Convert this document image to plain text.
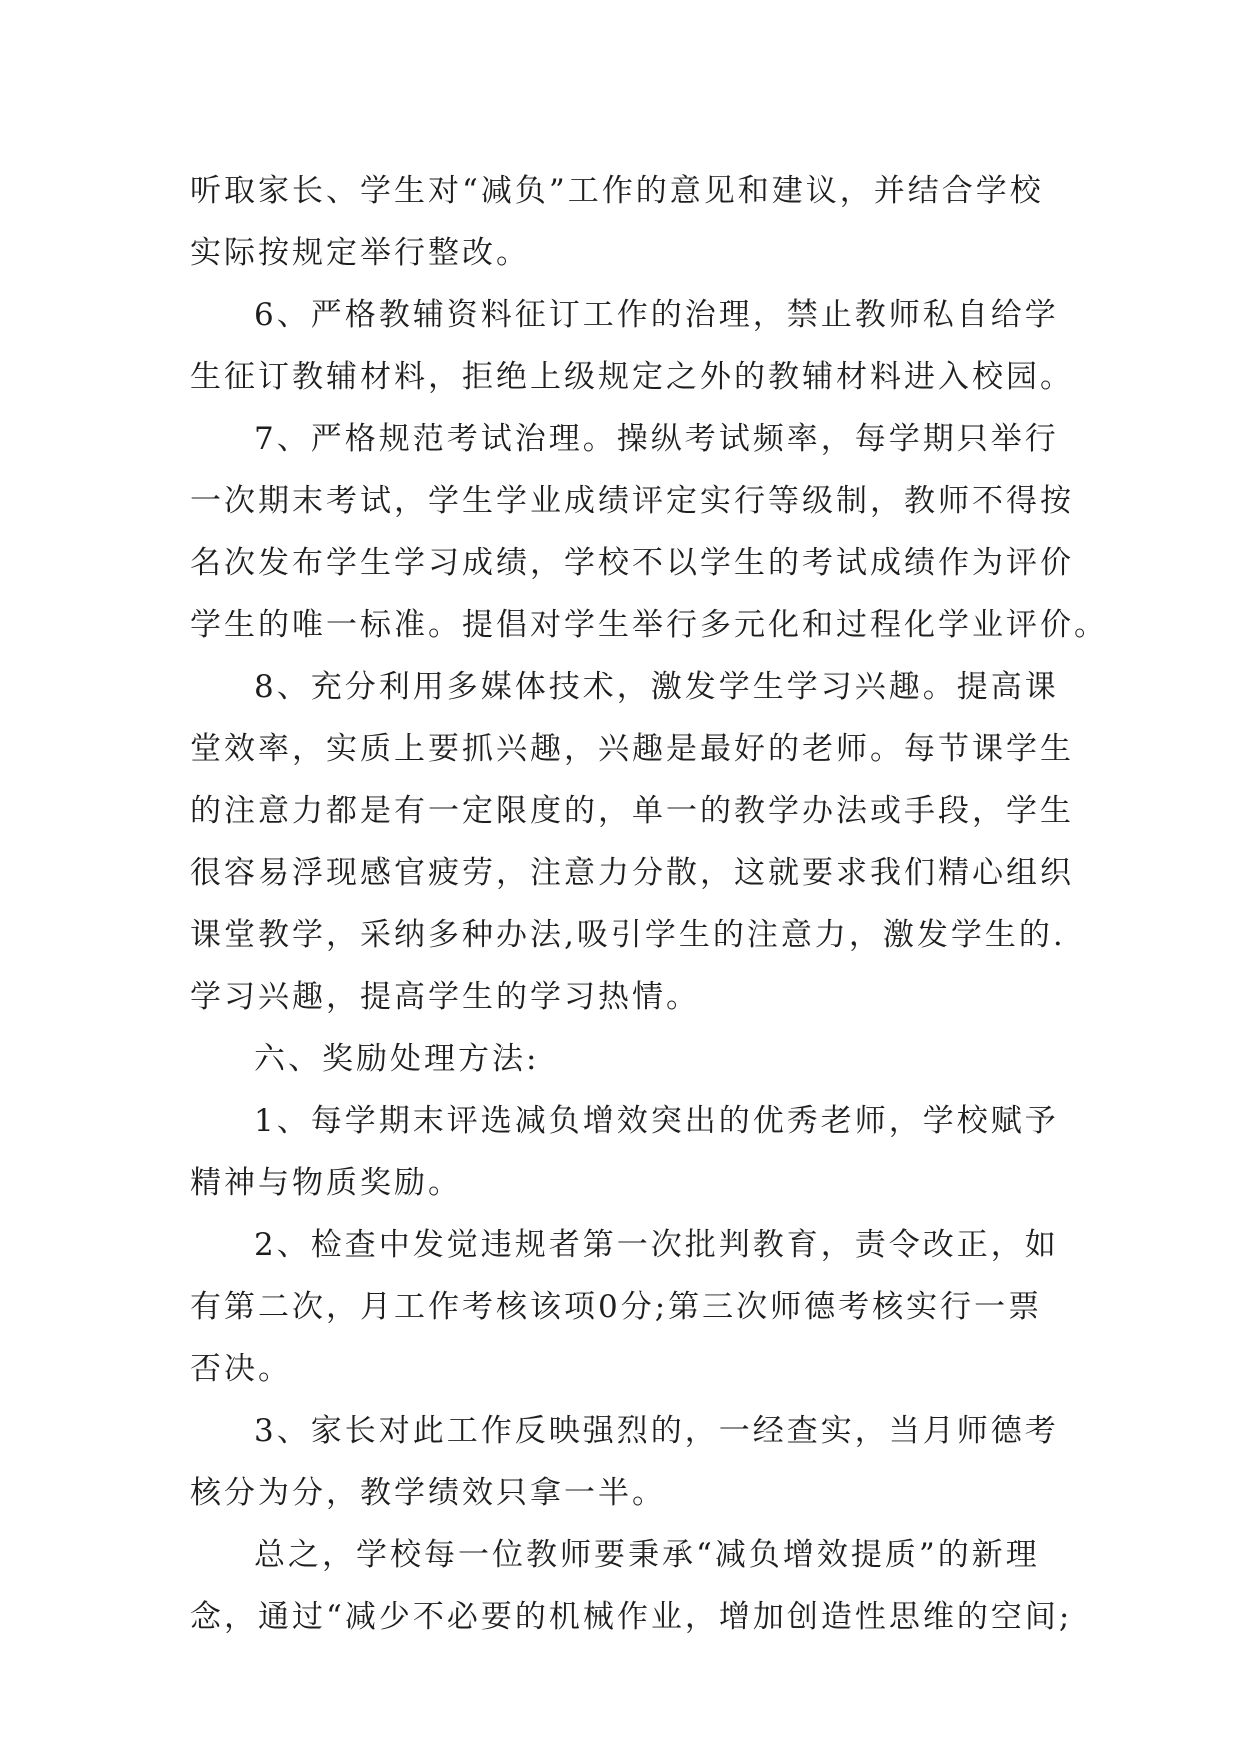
听取家长、学生对“减负”工作的意见和建议，并结合学校
实际按规定举行整改。
6、严格教辅资料征订工作的治理，禁止教师私自给学
生征订教辅材料，拒绝上级规定之外的教辅材料进入校园。
7、严格规范考试治理。操纵考试频率，每学期只举行
一次期末考试，学生学业成绩评定实行等级制，教师不得按
名次发布学生学习成绩，学校不以学生的考试成绩作为评价
学生的唯一标准。提倡对学生举行多元化和过程化学业评价。
8、充分利用多媒体技术，激发学生学习兴趣。提高课
堂效率，实质上要抓兴趣，兴趣是最好的老师。每节课学生
的注意力都是有一定限度的，单一的教学办法或手段，学生
很容易浮现感官疲劳，注意力分散，这就要求我们精心组织
课堂教学，采纳多种办法,吸引学生的注意力，激发学生的.
学习兴趣，提高学生的学习热情。
六、奖励处理方法:
1、每学期末评选减负增效突出的优秀老师，学校赋予
精神与物质奖励。
2、检查中发觉违规者第一次批判教育，责令改正，如
有第二次，月工作考核该项0分;第三次师德考核实行一票
否决。
3、家长对此工作反映强烈的，一经查实，当月师德考
核分为分，教学绩效只拿一半。
总之，学校每一位教师要秉承“减负增效提质”的新理
念，通过“减少不必要的机械作业，增加创造性思维的空间;
